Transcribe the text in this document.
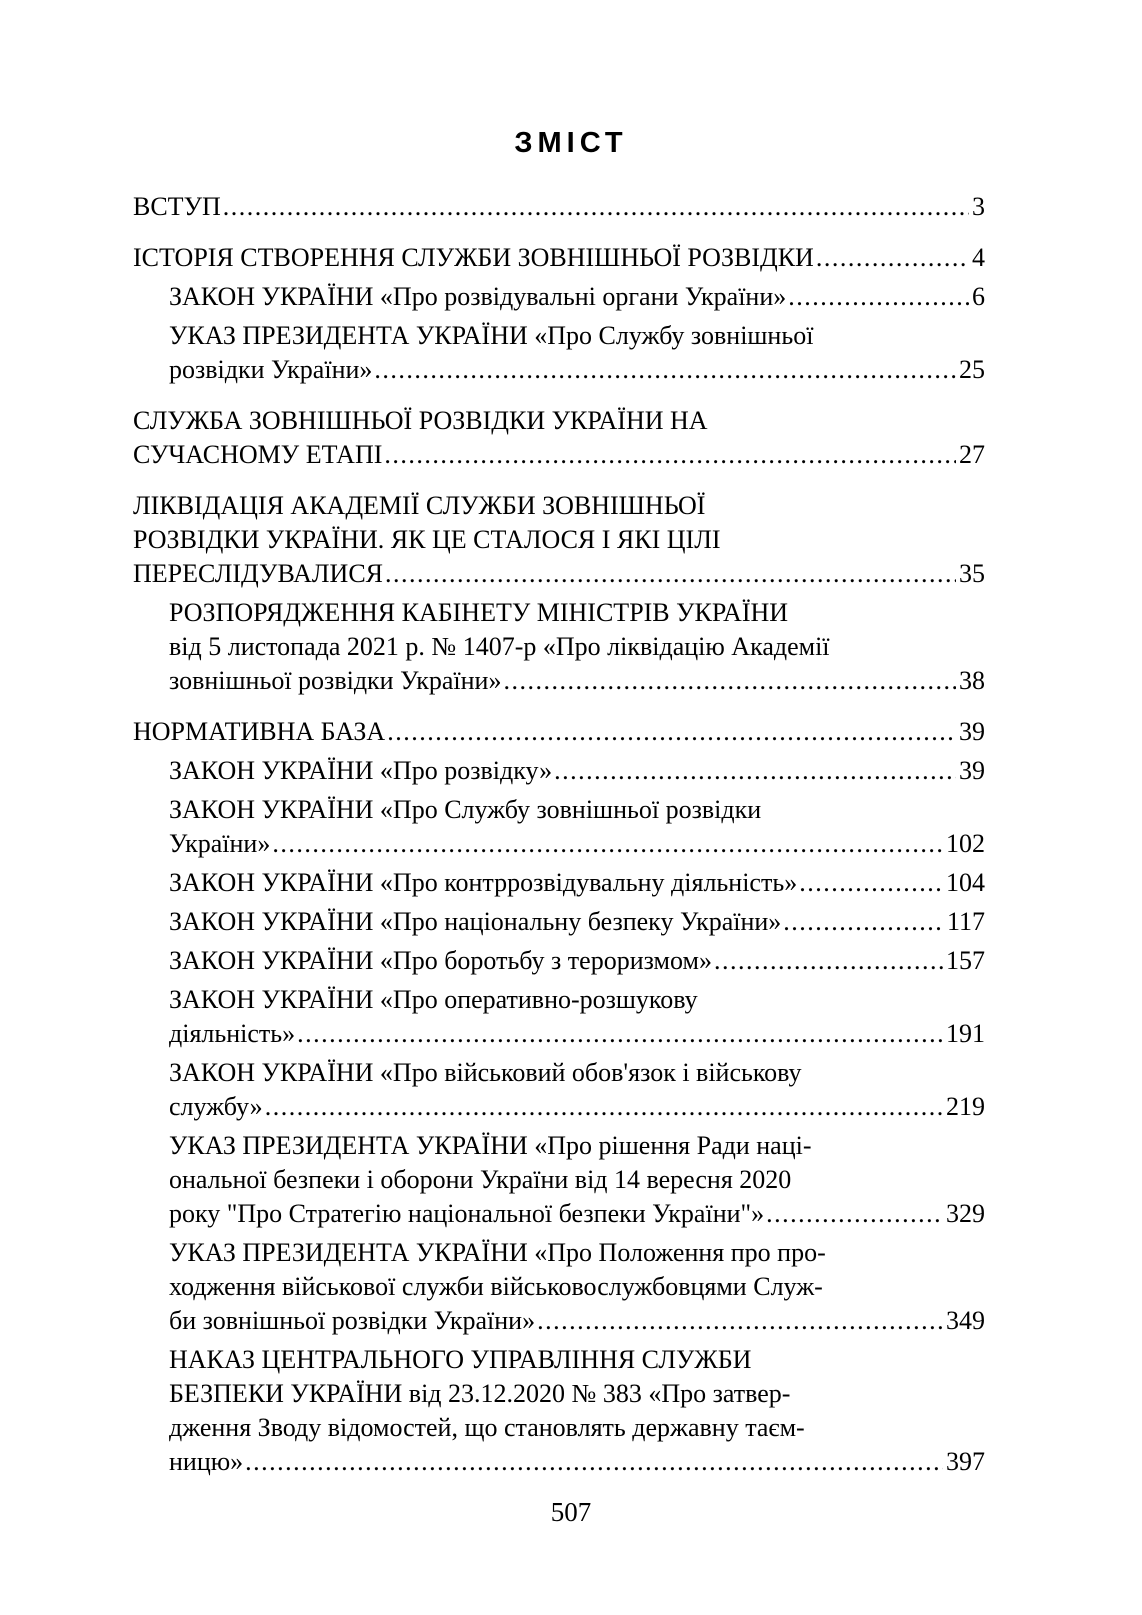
ЗМІСТ
ВСТУП .....	3
ІСТОРІЯ СТВОРЕННЯ СЛУЖБИ ЗОВНІШНЬОЇ РОЗВІДКИ .....	4
ЗАКОН УКРАЇНИ «Про розвідувальні органи України» .....	6
УКАЗ ПРЕЗИДЕНТА УКРАЇНИ «Про Службу зовнішньої
розвідки України» .....	25
СЛУЖБА ЗОВНІШНЬОЇ РОЗВІДКИ УКРАЇНИ НА
СУЧАСНОМУ ЕТАПІ .....	27
ЛІКВІДАЦІЯ АКАДЕМІЇ СЛУЖБИ ЗОВНІШНЬОЇ
РОЗВІДКИ УКРАЇНИ. ЯК ЦЕ СТАЛОСЯ І ЯКІ ЦІЛІ
ПЕРЕСЛІДУВАЛИСЯ .....	35
РОЗПОРЯДЖЕННЯ КАБІНЕТУ МІНІСТРІВ УКРАЇНИ
від 5 листопада 2021 р. № 1407-р «Про ліквідацію Академії
зовнішньої розвідки України» .....	38
НОРМАТИВНА БАЗА .....	39
ЗАКОН УКРАЇНИ «Про розвідку» .....	39
ЗАКОН УКРАЇНИ «Про Службу зовнішньої розвідки
України» .....	102
ЗАКОН УКРАЇНИ «Про контррозвідувальну діяльність» .....	104
ЗАКОН УКРАЇНИ «Про національну безпеку України» .....	117
ЗАКОН УКРАЇНИ «Про боротьбу з тероризмом» .....	157
ЗАКОН УКРАЇНИ «Про оперативно-розшукову
діяльність» .....	191
ЗАКОН УКРАЇНИ «Про військовий обов'язок і військову
службу» .....	219
УКАЗ ПРЕЗИДЕНТА УКРАЇНИ «Про рішення Ради наці-
ональної безпеки і оборони України від 14 вересня 2020
року "Про Стратегію національної безпеки України"» .....	329
УКАЗ ПРЕЗИДЕНТА УКРАЇНИ «Про Положення про про-
ходження військової служби військовослужбовцями Служ-
би зовнішньої розвідки України» .....	349
НАКАЗ ЦЕНТРАЛЬНОГО УПРАВЛІННЯ СЛУЖБИ
БЕЗПЕКИ УКРАЇНИ від 23.12.2020 № 383 «Про затвер-
дження Зводу відомостей, що становлять державну таєм-
ницю» .....	397
507
